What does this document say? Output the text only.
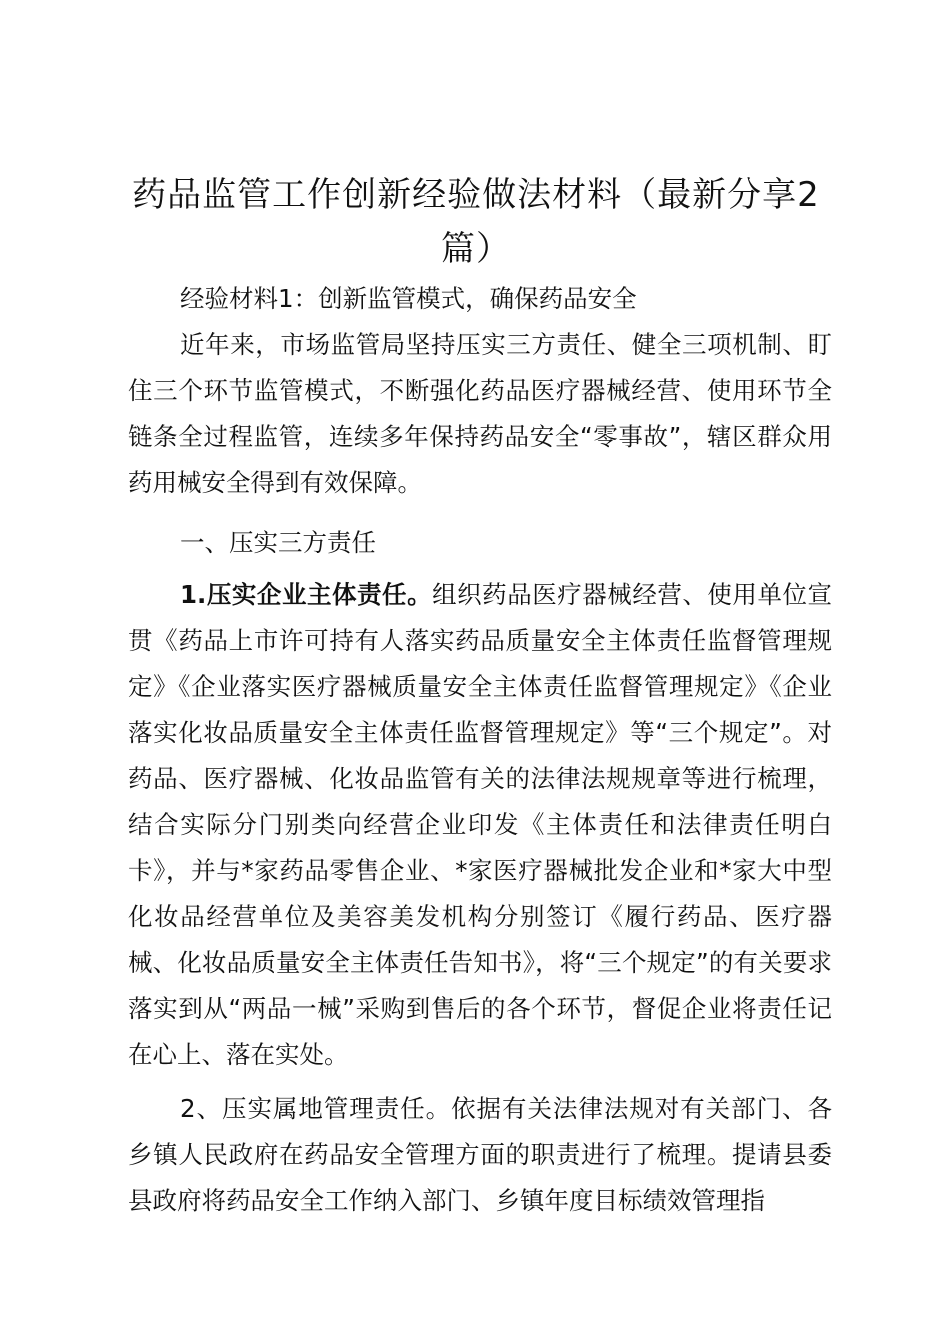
药品监管工作创新经验做法材料（最新分享2篇）

经验材料1：创新监管模式，确保药品安全

近年来，市场监管局坚持压实三方责任、健全三项机制、盯住三个环节监管模式，不断强化药品医疗器械经营、使用环节全链条全过程监管，连续多年保持药品安全“零事故”，辖区群众用药用械安全得到有效保障。

一、压实三方责任

1.压实企业主体责任。组织药品医疗器械经营、使用单位宣贯《药品上市许可持有人落实药品质量安全主体责任监督管理规定》《企业落实医疗器械质量安全主体责任监督管理规定》《企业落实化妆品质量安全主体责任监督管理规定》等“三个规定”。对药品、医疗器械、化妆品监管有关的法律法规规章等进行梳理，结合实际分门别类向经营企业印发《主体责任和法律责任明白卡》，并与*家药品零售企业、*家医疗器械批发企业和*家大中型化妆品经营单位及美容美发机构分别签订《履行药品、医疗器械、化妆品质量安全主体责任告知书》，将“三个规定”的有关要求落实到从“两品一械”采购到售后的各个环节，督促企业将责任记在心上、落在实处。

2、压实属地管理责任。依据有关法律法规对有关部门、各乡镇人民政府在药品安全管理方面的职责进行了梳理。提请县委县政府将药品安全工作纳入部门、乡镇年度目标绩效管理指
